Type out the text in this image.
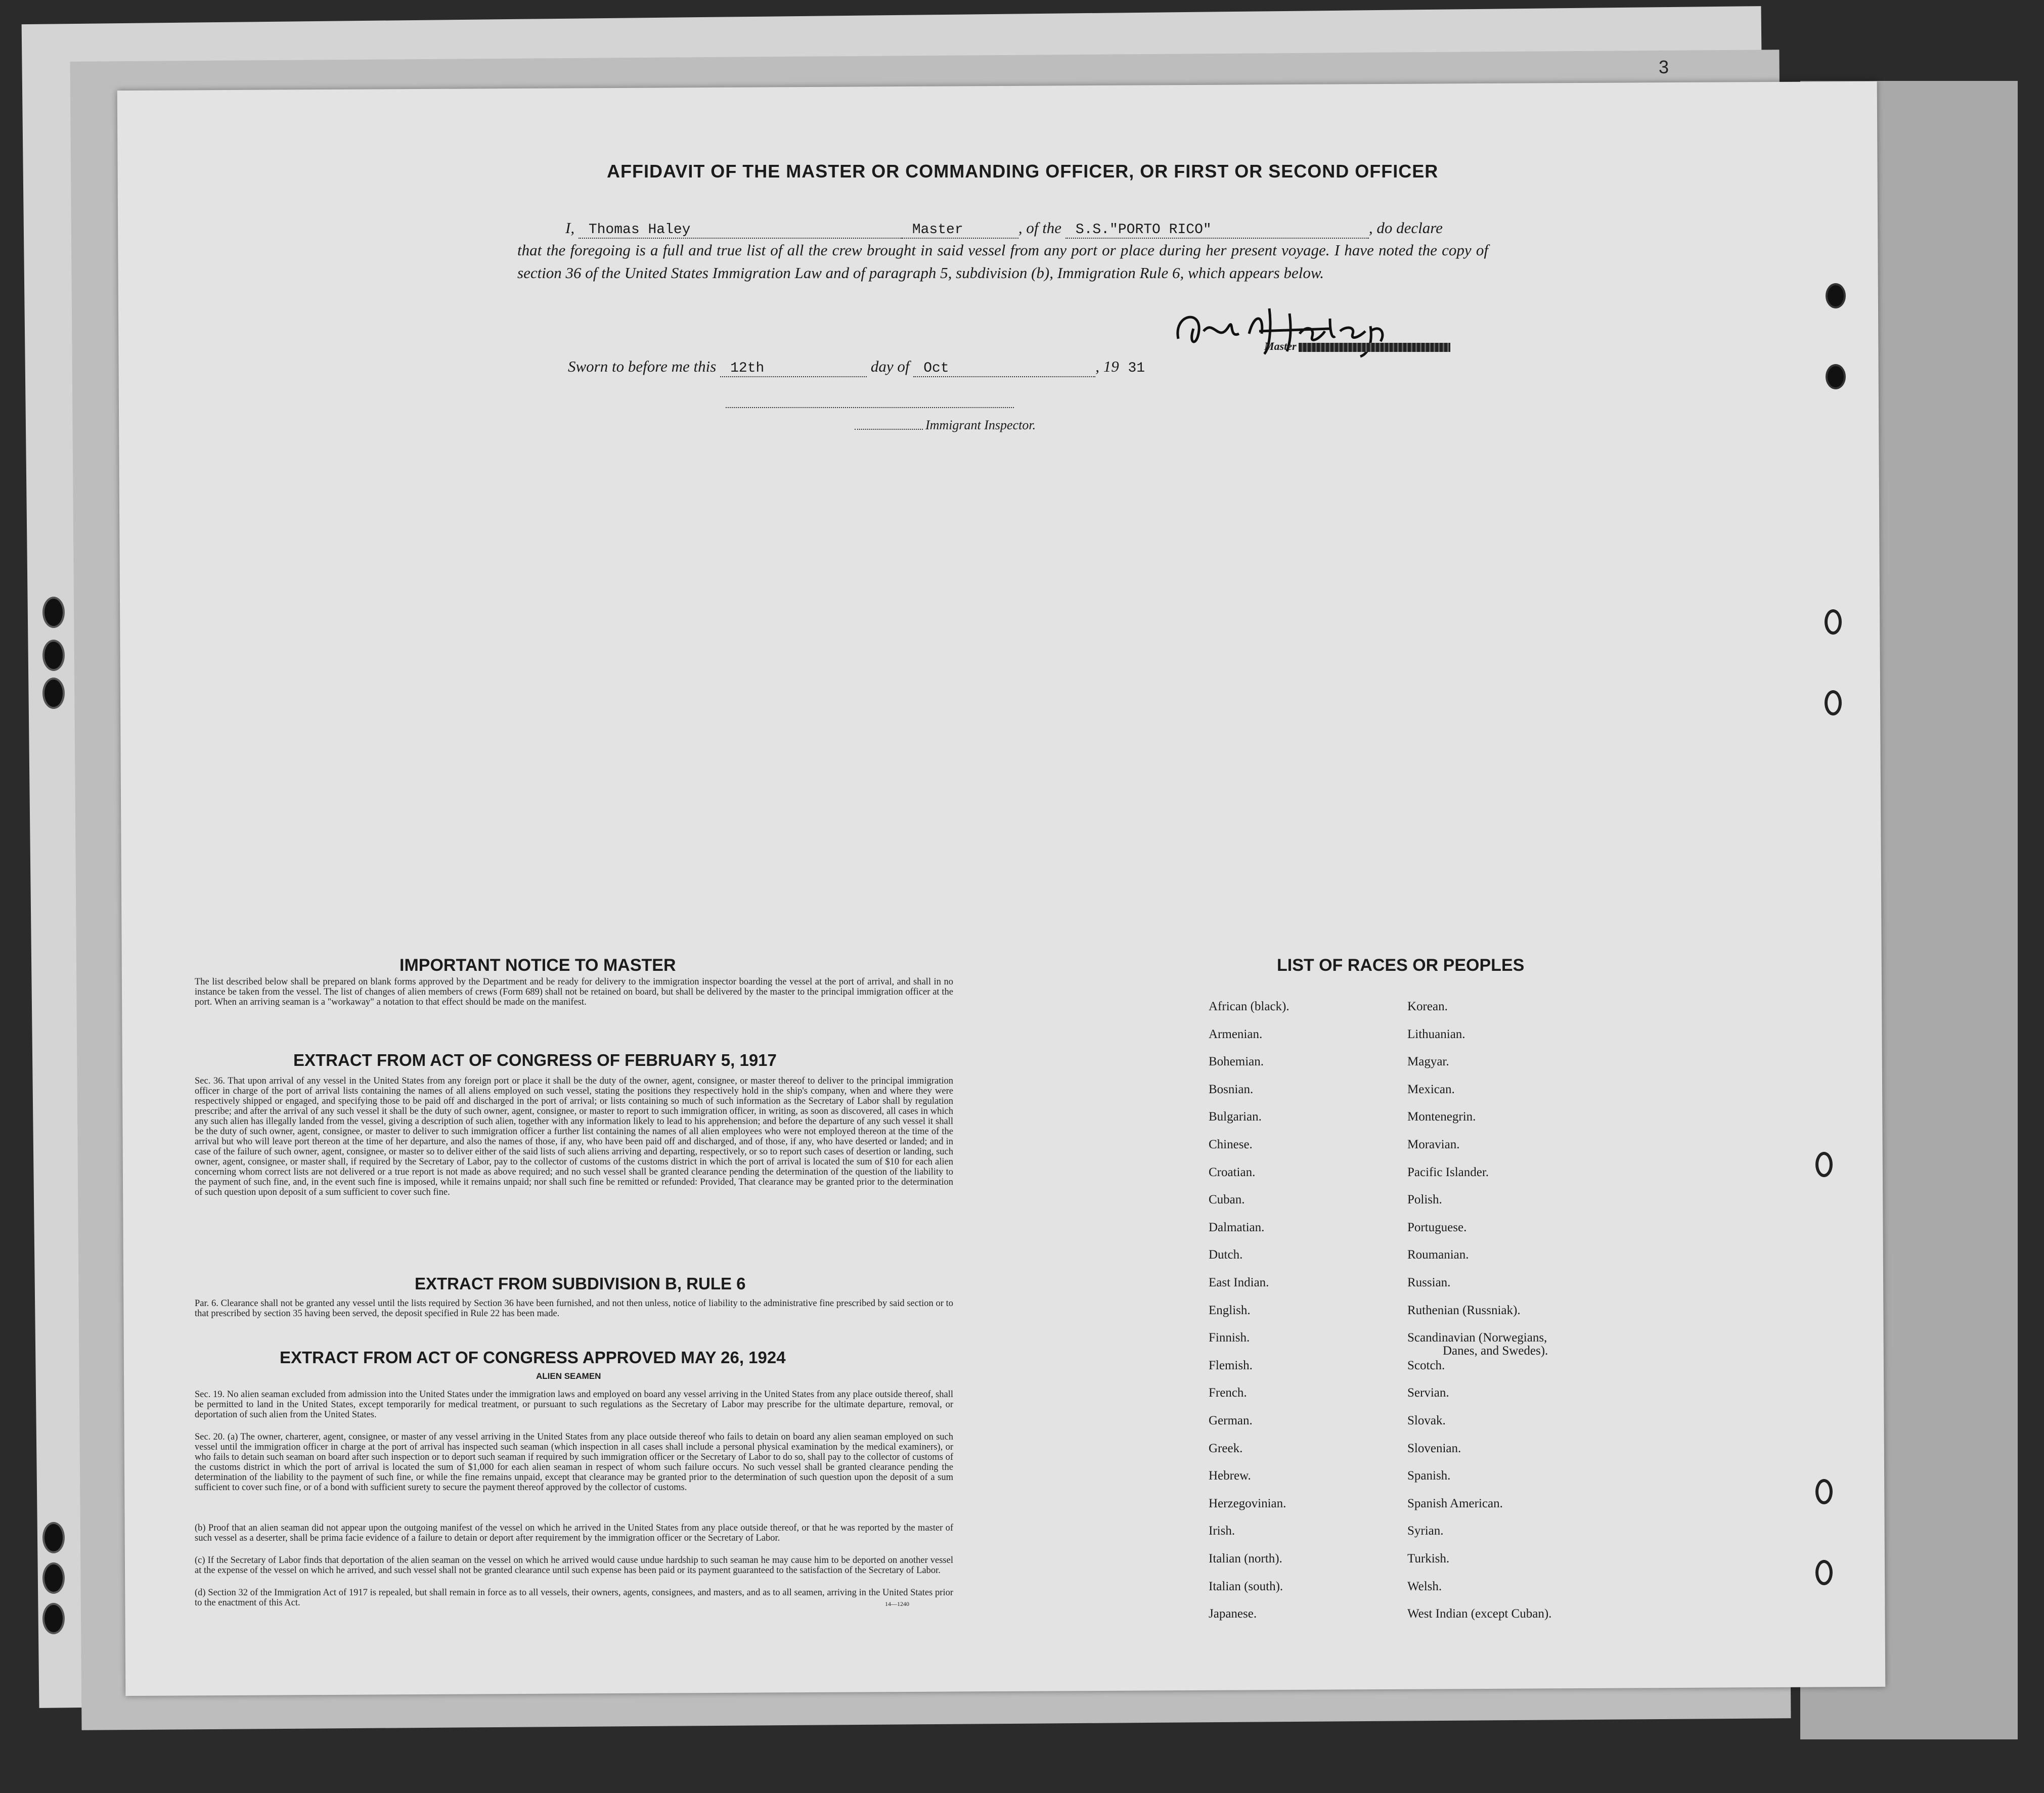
3
AFFIDAVIT OF THE MASTER OR COMMANDING OFFICER, OR FIRST OR SECOND OFFICER
I, Thomas Haley	Master	, of the S.S."PORTO RICO"	, do declare
that the foregoing is a full and true list of all the crew brought in said vessel from any port or place during her present voyage. I have noted the copy of section 36 of the United States Immigration Law and of paragraph 5, subdivision (b), Immigration Rule 6, which appears below.
Master
Sworn to before me this 12th	day of Oct	, 19 31
Immigrant Inspector.
IMPORTANT NOTICE TO MASTER
The list described below shall be prepared on blank forms approved by the Department and be ready for delivery to the immigration inspector boarding the vessel at the port of arrival, and shall in no instance be taken from the vessel. The list of changes of alien members of crews (Form 689) shall not be retained on board, but shall be delivered by the master to the principal immigration officer at the port. When an arriving seaman is a "workaway" a notation to that effect should be made on the manifest.
EXTRACT FROM ACT OF CONGRESS OF FEBRUARY 5, 1917
Sec. 36. That upon arrival of any vessel in the United States from any foreign port or place it shall be the duty of the owner, agent, consignee, or master thereof to deliver to the principal immigration officer in charge of the port of arrival lists containing the names of all aliens employed on such vessel, stating the positions they respectively hold in the ship's company, when and where they were respectively shipped or engaged, and specifying those to be paid off and discharged in the port of arrival; or lists containing so much of such information as the Secretary of Labor shall by regulation prescribe; and after the arrival of any such vessel it shall be the duty of such owner, agent, consignee, or master to report to such immigration officer, in writing, as soon as discovered, all cases in which any such alien has illegally landed from the vessel, giving a description of such alien, together with any information likely to lead to his apprehension; and before the departure of any such vessel it shall be the duty of such owner, agent, consignee, or master to deliver to such immigration officer a further list containing the names of all alien employees who were not employed thereon at the time of the arrival but who will leave port thereon at the time of her departure, and also the names of those, if any, who have been paid off and discharged, and of those, if any, who have deserted or landed; and in case of the failure of such owner, agent, consignee, or master so to deliver either of the said lists of such aliens arriving and departing, respectively, or so to report such cases of desertion or landing, such owner, agent, consignee, or master shall, if required by the Secretary of Labor, pay to the collector of customs of the customs district in which the port of arrival is located the sum of $10 for each alien concerning whom correct lists are not delivered or a true report is not made as above required; and no such vessel shall be granted clearance pending the determination of the question of the liability to the payment of such fine, and, in the event such fine is imposed, while it remains unpaid; nor shall such fine be remitted or refunded: Provided, That clearance may be granted prior to the determination of such question upon deposit of a sum sufficient to cover such fine.
EXTRACT FROM SUBDIVISION B, RULE 6
Par. 6. Clearance shall not be granted any vessel until the lists required by Section 36 have been furnished, and not then unless, notice of liability to the administrative fine prescribed by said section or to that prescribed by section 35 having been served, the deposit specified in Rule 22 has been made.
EXTRACT FROM ACT OF CONGRESS APPROVED MAY 26, 1924
ALIEN SEAMEN
Sec. 19. No alien seaman excluded from admission into the United States under the immigration laws and employed on board any vessel arriving in the United States from any place outside thereof, shall be permitted to land in the United States, except temporarily for medical treatment, or pursuant to such regulations as the Secretary of Labor may prescribe for the ultimate departure, removal, or deportation of such alien from the United States.
Sec. 20. (a) The owner, charterer, agent, consignee, or master of any vessel arriving in the United States from any place outside thereof who fails to detain on board any alien seaman employed on such vessel until the immigration officer in charge at the port of arrival has inspected such seaman (which inspection in all cases shall include a personal physical examination by the medical examiners), or who fails to detain such seaman on board after such inspection or to deport such seaman if required by such immigration officer or the Secretary of Labor to do so, shall pay to the collector of customs of the customs district in which the port of arrival is located the sum of $1,000 for each alien seaman in respect of whom such failure occurs. No such vessel shall be granted clearance pending the determination of the liability to the payment of such fine, or while the fine remains unpaid, except that clearance may be granted prior to the determination of such question upon the deposit of a sum sufficient to cover such fine, or of a bond with sufficient surety to secure the payment thereof approved by the collector of customs.
(b) Proof that an alien seaman did not appear upon the outgoing manifest of the vessel on which he arrived in the United States from any place outside thereof, or that he was reported by the master of such vessel as a deserter, shall be prima facie evidence of a failure to detain or deport after requirement by the immigration officer or the Secretary of Labor.
(c) If the Secretary of Labor finds that deportation of the alien seaman on the vessel on which he arrived would cause undue hardship to such seaman he may cause him to be deported on another vessel at the expense of the vessel on which he arrived, and such vessel shall not be granted clearance until such expense has been paid or its payment guaranteed to the satisfaction of the Secretary of Labor.
(d) Section 32 of the Immigration Act of 1917 is repealed, but shall remain in force as to all vessels, their owners, agents, consignees, and masters, and as to all seamen, arriving in the United States prior to the enactment of this Act.	14—1240
LIST OF RACES OR PEOPLES
African (black).
Armenian.
Bohemian.
Bosnian.
Bulgarian.
Chinese.
Croatian.
Cuban.
Dalmatian.
Dutch.
East Indian.
English.
Finnish.
Flemish.
French.
German.
Greek.
Hebrew.
Herzegovinian.
Irish.
Italian (north).
Italian (south).
Japanese.
Korean.
Lithuanian.
Magyar.
Mexican.
Montenegrin.
Moravian.
Pacific Islander.
Polish.
Portuguese.
Roumanian.
Russian.
Ruthenian (Russniak).
Scandinavian (Norwegians,
Danes, and Swedes).
Scotch.
Servian.
Slovak.
Slovenian.
Spanish.
Spanish American.
Syrian.
Turkish.
Welsh.
West Indian (except Cuban).
